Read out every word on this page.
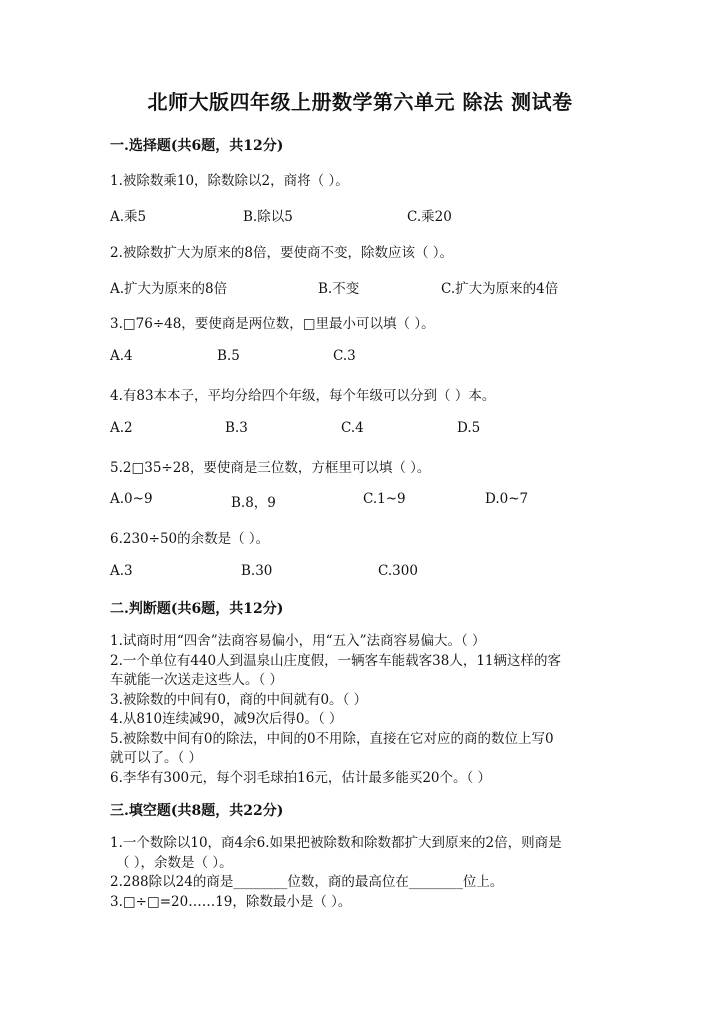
北师大版四年级上册数学第六单元 除法 测试卷
一.选择题(共6题，共12分)
1.被除数乘10，除数除以2，商将（ ）。
A.乘5	B.除以5	C.乘20
2.被除数扩大为原来的8倍，要使商不变，除数应该（ ）。
A.扩大为原来的8倍	B.不变	C.扩大为原来的4倍
3.□76÷48，要使商是两位数，□里最小可以填（ ）。
A.4	B.5	C.3
4.有83本本子，平均分给四个年级，每个年级可以分到（ ）本。
A.2	B.3	C.4	D.5
5.2□35÷28，要使商是三位数，方框里可以填（ ）。
A.0~9	B.8，9	C.1~9	D.0~7
6.230÷50的余数是（ ）。
A.3	B.30	C.300
二.判断题(共6题，共12分)
1.试商时用“四舍”法商容易偏小，用“五入”法商容易偏大。（ ）
2.一个单位有440人到温泉山庄度假，一辆客车能载客38人，11辆这样的客
车就能一次送走这些人。（ ）
3.被除数的中间有0，商的中间就有0。（ ）
4.从810连续减90，减9次后得0。（ ）
5.被除数中间有0的除法，中间的0不用除，直接在它对应的商的数位上写0
就可以了。（ ）
6.李华有300元，每个羽毛球拍16元，估计最多能买20个。（ ）
三.填空题(共8题，共22分)
1.一个数除以10，商4余6.如果把被除数和除数都扩大到原来的2倍，则商是
（ ），余数是（ ）。
2.288除以24的商是________位数，商的最高位在________位上。
3.□÷□=20……19，除数最小是（ ）。
